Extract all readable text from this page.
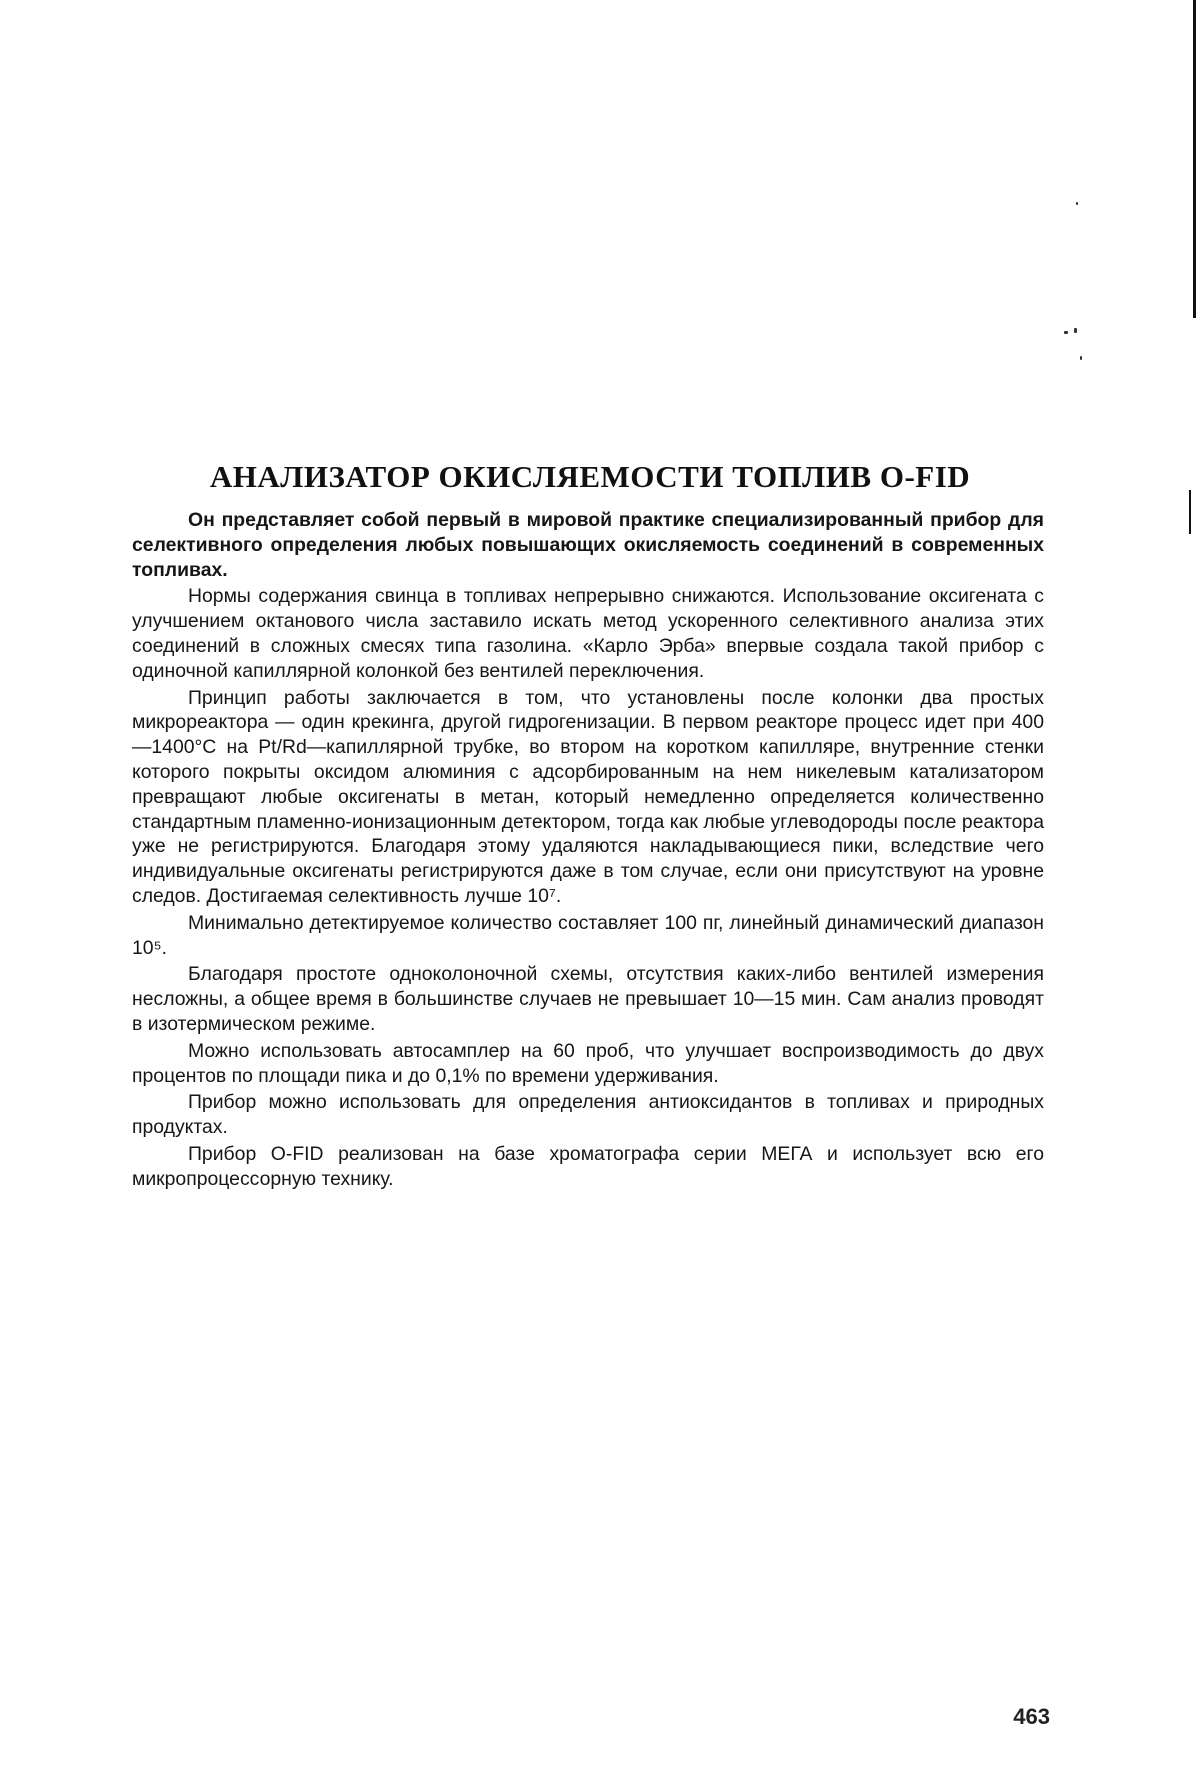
АНАЛИЗАТОР ОКИСЛЯЕМОСТИ ТОПЛИВ O-FID

Он представляет собой первый в мировой практике специализированный прибор для селективного определения любых повышающих окисляемость соединений в современных топливах.

Нормы содержания свинца в топливах непрерывно снижаются. Использование оксигената с улучшением октанового числа заставило искать метод ускоренного селективного анализа этих соединений в сложных смесях типа газолина. «Карло Эрба» впервые создала такой прибор с одиночной капиллярной колонкой без вентилей переключения.

Принцип работы заключается в том, что установлены после колонки два простых микрореактора — один крекинга, другой гидрогенизации. В первом реакторе процесс идет при 400—1400°С на Pt/Rd—капиллярной трубке, во втором на коротком капилляре, внутренние стенки которого покрыты оксидом алюминия с адсорбированным на нем никелевым катализатором превращают любые оксигенаты в метан, который немедленно определяется количественно стандартным пламенно-ионизационным детектором, тогда как любые углеводороды после реактора уже не регистрируются. Благодаря этому удаляются накладывающиеся пики, вследствие чего индивидуальные оксигенаты регистрируются даже в том случае, если они присутствуют на уровне следов. Достигаемая селективность лучше 10⁷.

Минимально детектируемое количество составляет 100 пг, линейный динамический диапазон 10⁵.

Благодаря простоте одноколоночной схемы, отсутствия каких-либо вентилей измерения несложны, а общее время в большинстве случаев не превышает 10—15 мин. Сам анализ проводят в изотермическом режиме.

Можно использовать автосамплер на 60 проб, что улучшает воспроизводимость до двух процентов по площади пика и до 0,1% по времени удерживания.

Прибор можно использовать для определения антиоксидантов в топливах и природных продуктах.

Прибор O-FID реализован на базе хроматографа серии МЕГА и использует всю его микропроцессорную технику.

463
